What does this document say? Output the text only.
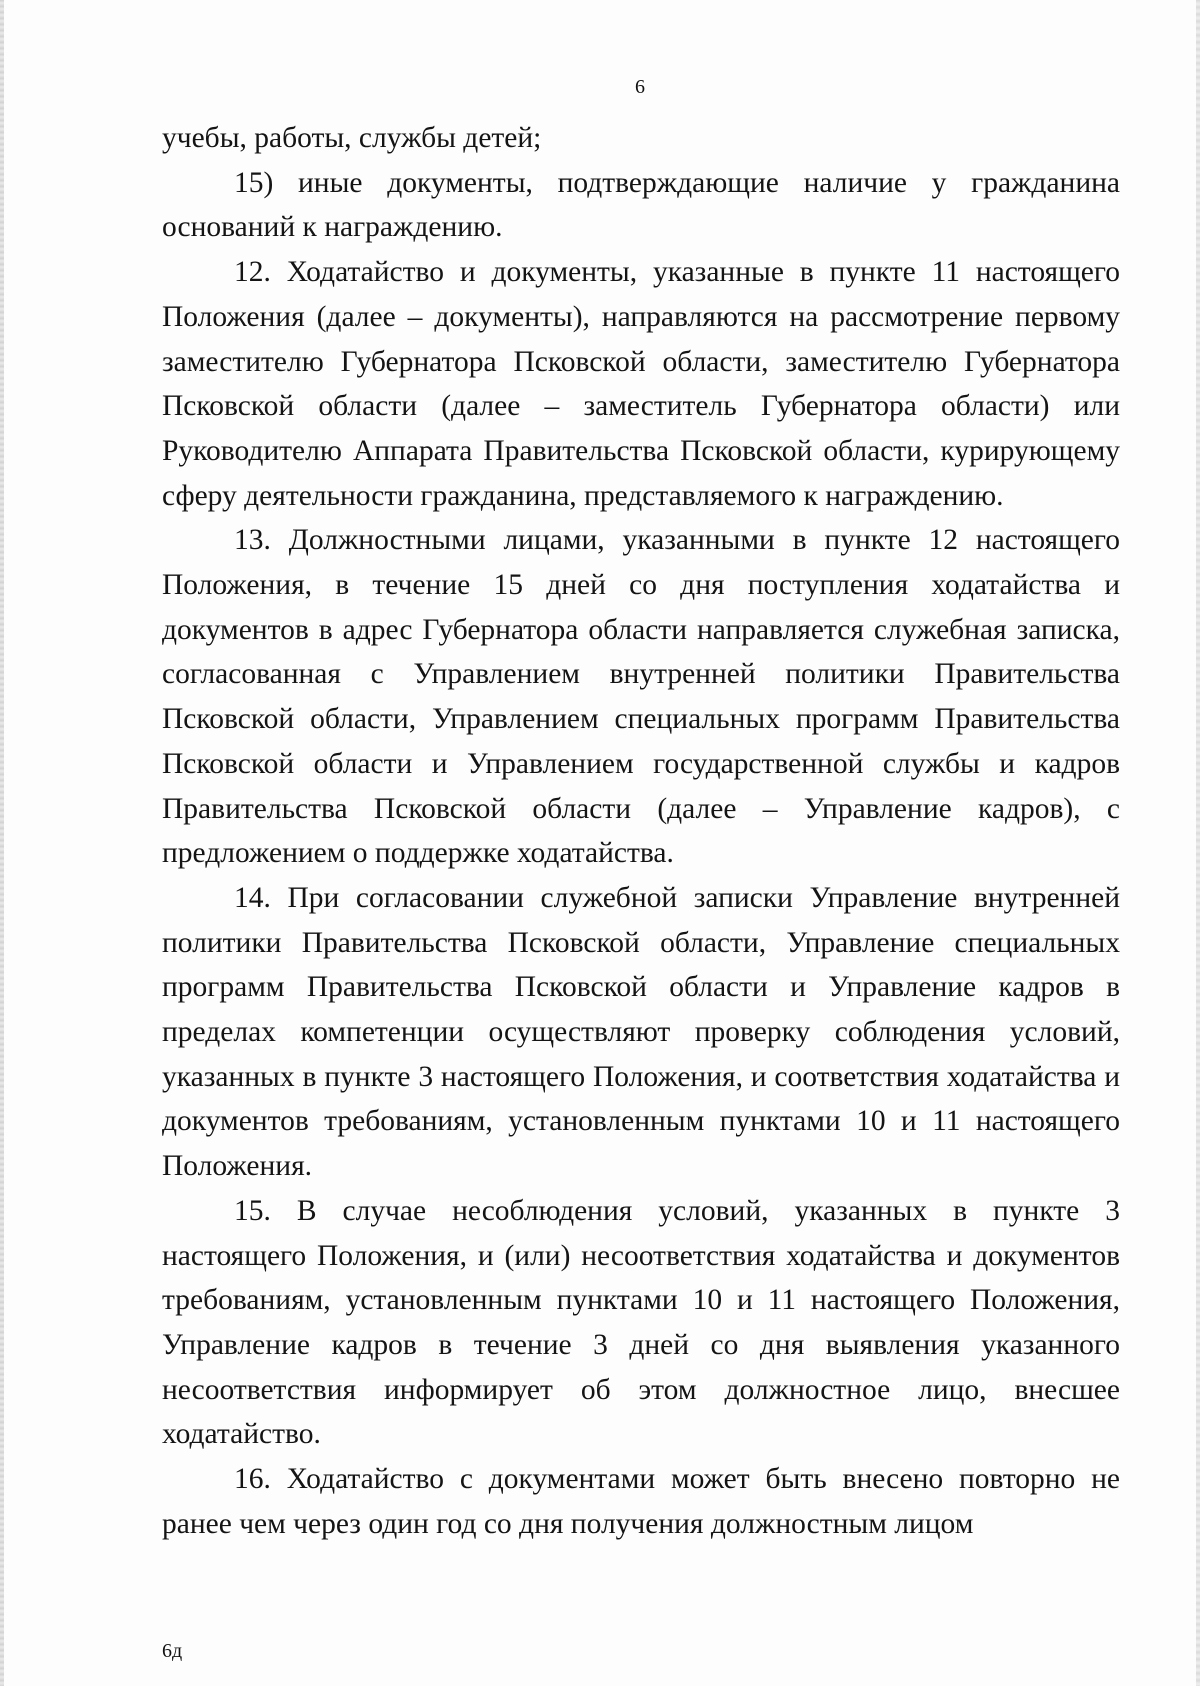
6

учебы, работы, службы детей;

15) иные документы, подтверждающие наличие у гражданина оснований к награждению.

12. Ходатайство и документы, указанные в пункте 11 настоящего Положения (далее – документы), направляются на рассмотрение первому заместителю Губернатора Псковской области, заместителю Губернатора Псковской области (далее – заместитель Губернатора области) или Руководителю Аппарата Правительства Псковской области, курирующему сферу деятельности гражданина, представляемого к награждению.

13. Должностными лицами, указанными в пункте 12 настоящего Положения, в течение 15 дней со дня поступления ходатайства и документов в адрес Губернатора области направляется служебная записка, согласованная с Управлением внутренней политики Правительства Псковской области, Управлением специальных программ Правительства Псковской области и Управлением государственной службы и кадров Правительства Псковской области (далее – Управление кадров), с предложением о поддержке ходатайства.

14. При согласовании служебной записки Управление внутренней политики Правительства Псковской области, Управление специальных программ Правительства Псковской области и Управление кадров в пределах компетенции осуществляют проверку соблюдения условий, указанных в пункте 3 настоящего Положения, и соответствия ходатайства и документов требованиям, установленным пунктами 10 и 11 настоящего Положения.

15. В случае несоблюдения условий, указанных в пункте 3 настоящего Положения, и (или) несоответствия ходатайства и документов требованиям, установленным пунктами 10 и 11 настоящего Положения, Управление кадров в течение 3 дней со дня выявления указанного несоответствия информирует об этом должностное лицо, внесшее ходатайство.

16. Ходатайство с документами может быть внесено повторно не ранее чем через один год со дня получения должностным лицом

6д
